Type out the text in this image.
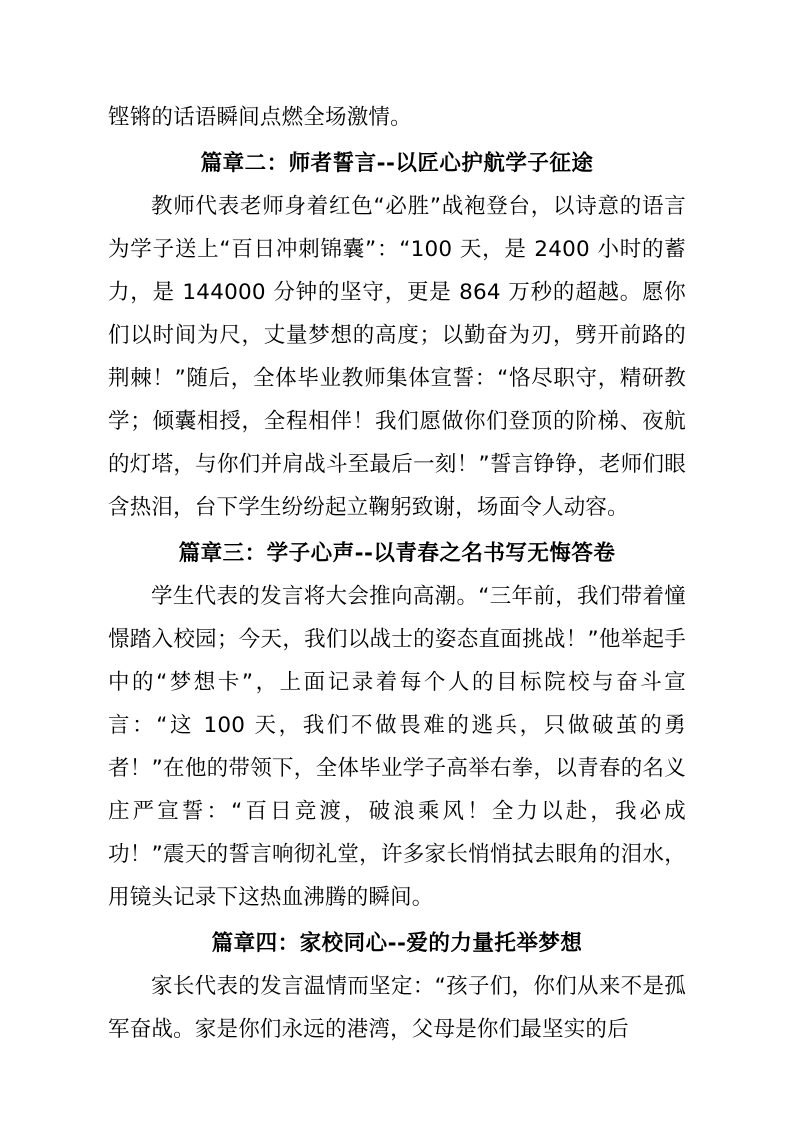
铿锵的话语瞬间点燃全场激情。

篇章二：师者誓言--以匠心护航学子征途

教师代表老师身着红色“必胜”战袍登台，以诗意的语言为学子送上“百日冲刺锦囊”：“100 天，是 2400 小时的蓄力，是 144000 分钟的坚守，更是 864 万秒的超越。愿你们以时间为尺，丈量梦想的高度；以勤奋为刃，劈开前路的荆棘！”随后，全体毕业教师集体宣誓：“恪尽职守，精研教学；倾囊相授，全程相伴！我们愿做你们登顶的阶梯、夜航的灯塔，与你们并肩战斗至最后一刻！”誓言铮铮，老师们眼含热泪，台下学生纷纷起立鞠躬致谢，场面令人动容。

篇章三：学子心声--以青春之名书写无悔答卷

学生代表的发言将大会推向高潮。“三年前，我们带着憧憬踏入校园；今天，我们以战士的姿态直面挑战！”他举起手中的“梦想卡”，上面记录着每个人的目标院校与奋斗宣言：“这 100 天，我们不做畏难的逃兵，只做破茧的勇者！”在他的带领下，全体毕业学子高举右拳，以青春的名义庄严宣誓：“百日竞渡，破浪乘风！全力以赴，我必成功！”震天的誓言响彻礼堂，许多家长悄悄拭去眼角的泪水，用镜头记录下这热血沸腾的瞬间。

篇章四：家校同心--爱的力量托举梦想

家长代表的发言温情而坚定：“孩子们，你们从来不是孤军奋战。家是你们永远的港湾，父母是你们最坚实的后
